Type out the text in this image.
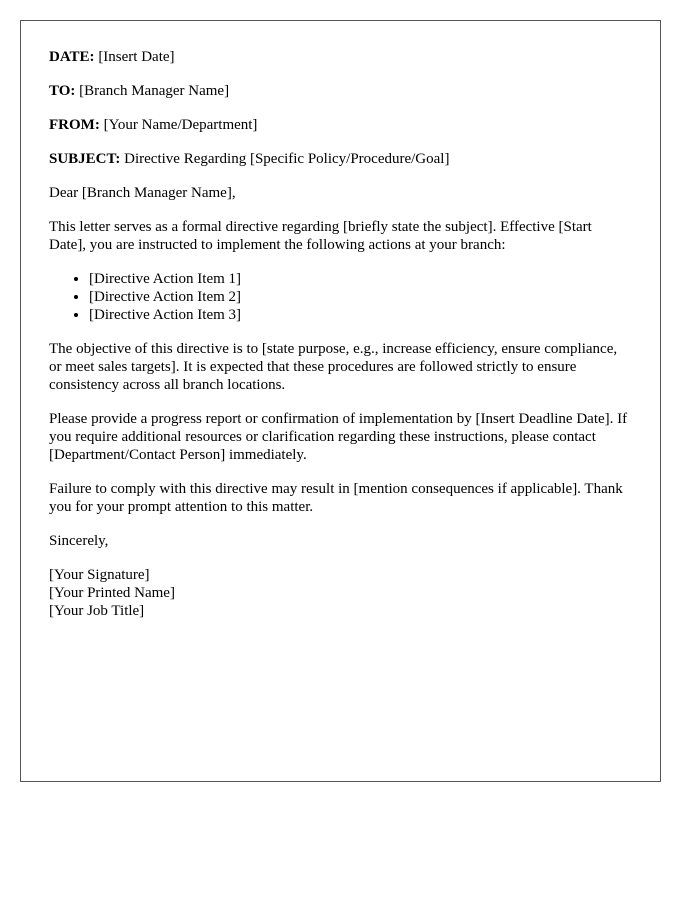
DATE: [Insert Date]

TO: [Branch Manager Name]

FROM: [Your Name/Department]

SUBJECT: Directive Regarding [Specific Policy/Procedure/Goal]

Dear [Branch Manager Name],

This letter serves as a formal directive regarding [briefly state the subject]. Effective [Start Date], you are instructed to implement the following actions at your branch:

• [Directive Action Item 1]
• [Directive Action Item 2]
• [Directive Action Item 3]

The objective of this directive is to [state purpose, e.g., increase efficiency, ensure compliance, or meet sales targets]. It is expected that these procedures are followed strictly to ensure consistency across all branch locations.

Please provide a progress report or confirmation of implementation by [Insert Deadline Date]. If you require additional resources or clarification regarding these instructions, please contact [Department/Contact Person] immediately.

Failure to comply with this directive may result in [mention consequences if applicable]. Thank you for your prompt attention to this matter.

Sincerely,

[Your Signature]
[Your Printed Name]
[Your Job Title]
